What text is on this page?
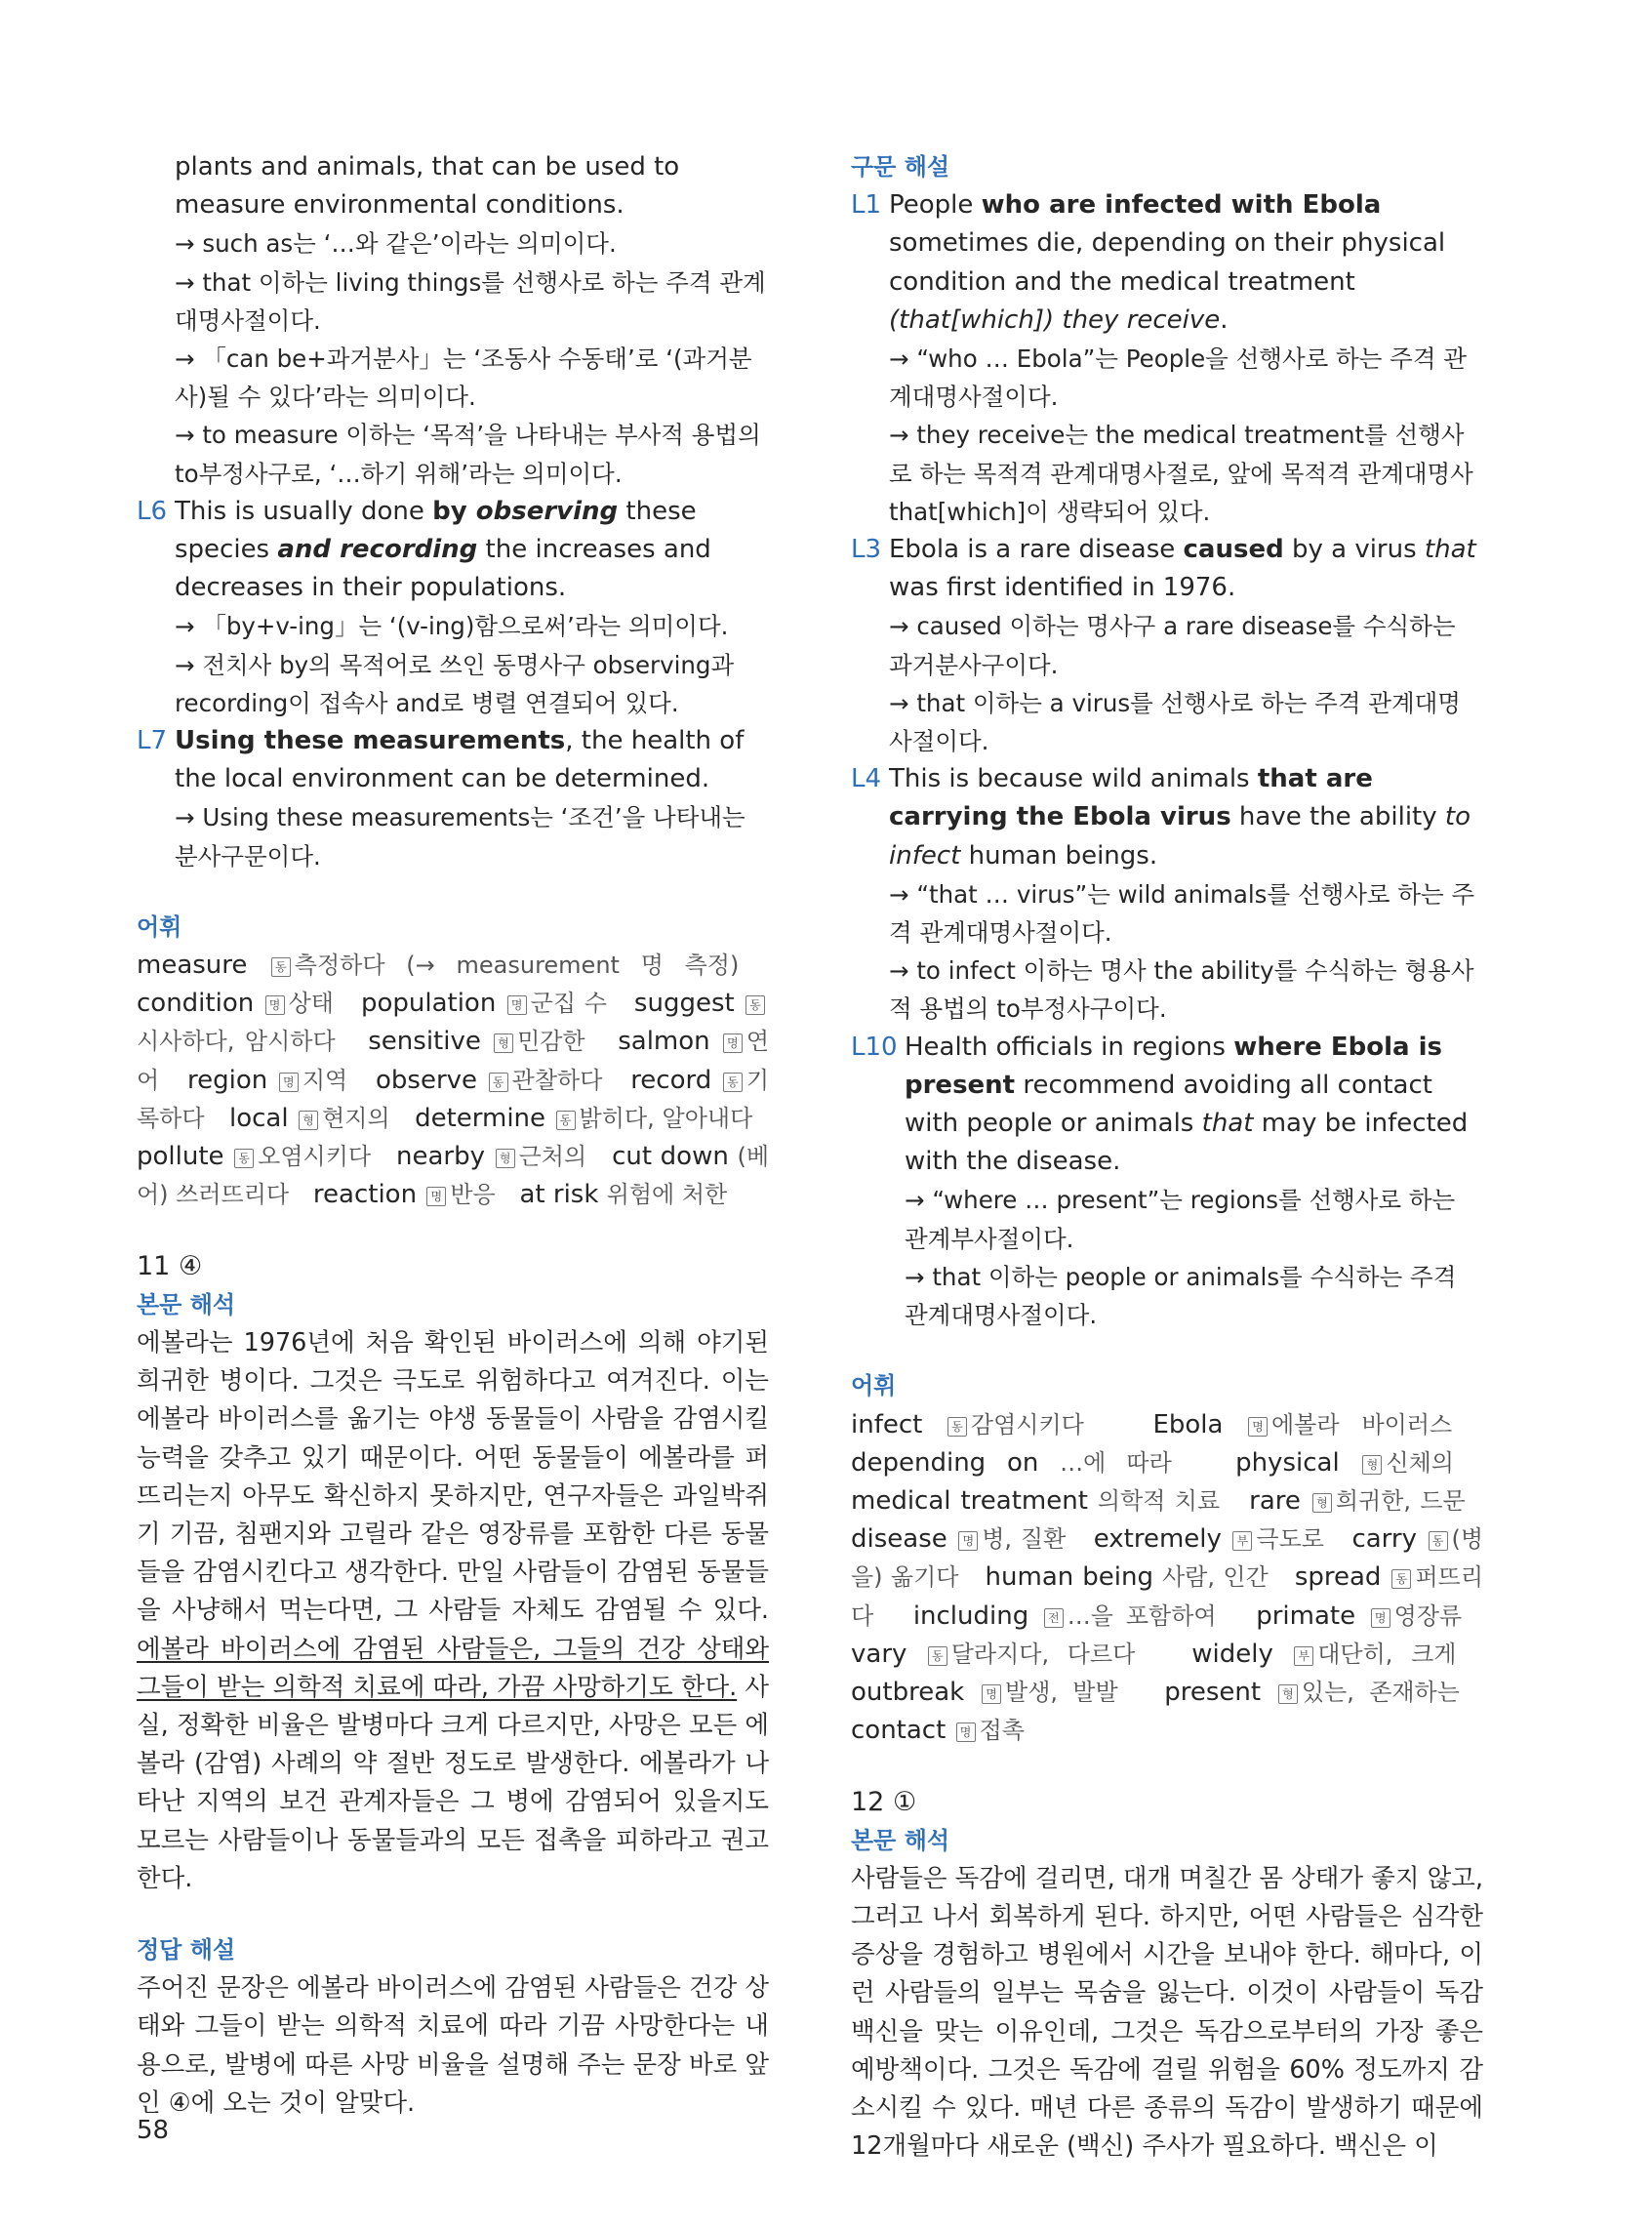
plants and animals, that can be used to
measure environmental conditions.

→ such as는 ‘…와 같은’이라는 의미이다.

→ that 이하는 living things를 선행사로 하는 주격 관계대명사절이다.

→ 「can be+과거분사」는 ‘조동사 수동태’로 ‘(과거분사)될 수 있다’라는 의미이다.

→ to measure 이하는 ‘목적’을 나타내는 부사적 용법의 to부정사구로, ‘…하기 위해’라는 의미이다.

L6 This is usually done by observing these species and recording the increases and decreases in their populations.

→ 「by+v-ing」는 ‘(v-ing)함으로써’라는 의미이다.

→ 전치사 by의 목적어로 쓰인 동명사구 observing과 recording이 접속사 and로 병렬 연결되어 있다.

L7 Using these measurements, the health of the local environment can be determined.

→ Using these measurements는 ‘조건’을 나타내는 분사구문이다.

어휘

measure 동 측정하다 (→ measurement 명 측정)   condition 명 상태 population 명 군집 수 suggest 동시사하다, 암시하다 sensitive 형 민감한 salmon 명 연어 region 명 지역 observe 동 관찰하다 record 동 기록하다 local 형 현지의 determine 동 밝히다, 알아내다   pollute 동 오염시키다 nearby 형 근처의 cut down (베어) 쓰러뜨리다 reaction 명 반응 at risk 위험에 처한

11 ④

본문 해석

에볼라는 1976년에 처음 확인된 바이러스에 의해 야기된 희귀한 병이다. 그것은 극도로 위험하다고 여겨진다. 이는 에볼라 바이러스를 옮기는 야생 동물들이 사람을 감염시킬 능력을 갖추고 있기 때문이다. 어떤 동물들이 에볼라를 퍼뜨리는지 아무도 확신하지 못하지만, 연구자들은 과일박쥐기 기끔, 침팬지와 고릴라 같은 영장류를 포함한 다른 동물들을 감염시킨다고 생각한다. 만일 사람들이 감염된 동물들을 사냥해서 먹는다면, 그 사람들 자체도 감염될 수 있다. 에볼라 바이러스에 감염된 사람들은, 그들의 건강 상태와 그들이 받는 의학적 치료에 따라, 가끔 사망하기도 한다. 사실, 정확한 비율은 발병마다 크게 다르지만, 사망은 모든 에볼라 (감염) 사례의 약 절반 정도로 발생한다. 에볼라가 나타난 지역의 보건 관계자들은 그 병에 감염되어 있을지도 모르는 사람들이나 동물들과의 모든 접촉을 피하라고 권고한다.

정답 해설

주어진 문장은 에볼라 바이러스에 감염된 사람들은 건강 상태와 그들이 받는 의학적 치료에 따라 기끔 사망한다는 내용으로, 발병에 따른 사망 비율을 설명해 주는 문장 바로 앞인 ④에 오는 것이 알맞다.

구문 해설

L1 People who are infected with Ebola sometimes die, depending on their physical condition and the medical treatment (that[which]) they receive.

→ “who … Ebola”는 People을 선행사로 하는 주격 관계대명사절이다.

→ they receive는 the medical treatment를 선행사로 하는 목적격 관계대명사절로, 앞에 목적격 관계대명사 that[which]이 생략되어 있다.

L3 Ebola is a rare disease caused by a virus that was first identified in 1976.

→ caused 이하는 명사구 a rare disease를 수식하는 과거분사구이다.

→ that 이하는 a virus를 선행사로 하는 주격 관계대명사절이다.

L4 This is because wild animals that are carrying the Ebola virus have the ability to infect human beings.

→ “that … virus”는 wild animals를 선행사로 하는 주격 관계대명사절이다.

→ to infect 이하는 명사 the ability를 수식하는 형용사적 용법의 to부정사구이다.

L10 Health officials in regions where Ebola is present recommend avoiding all contact with people or animals that may be infected with the disease.

→ “where … present”는 regions를 선행사로 하는 관계부사절이다.

→ that 이하는 people or animals를 수식하는 주격 관계대명사절이다.

어휘

infect 동 감염시키다	Ebola 명 에볼라 바이러스   depending on …에 따라	physical 형 신체의   medical treatment 의학적 치료 rare 형 희귀한, 드문   disease 명 병, 질환 extremely 부 극도로 carry 동 (병을) 옮기다 human being 사람, 인간 spread 동 퍼뜨리다 including 전 …을 포함하여 primate 명 영장류   vary 동 달라지다, 다르다 widely 부 대단히, 크게   outbreak 명 발생, 발발 present 형 있는, 존재하는   contact 명 접촉

12 ①

본문 해석

사람들은 독감에 걸리면, 대개 며칠간 몸 상태가 좋지 않고, 그러고 나서 회복하게 된다. 하지만, 어떤 사람들은 심각한 증상을 경험하고 병원에서 시간을 보내야 한다. 해마다, 이런 사람들의 일부는 목숨을 잃는다. 이것이 사람들이 독감 백신을 맞는 이유인데, 그것은 독감으로부터의 가장 좋은 예방책이다. 그것은 독감에 걸릴 위험을 60% 정도까지 감소시킬 수 있다. 매년 다른 종류의 독감이 발생하기 때문에 12개월마다 새로운 (백신) 주사가 필요하다. 백신은 이

58
